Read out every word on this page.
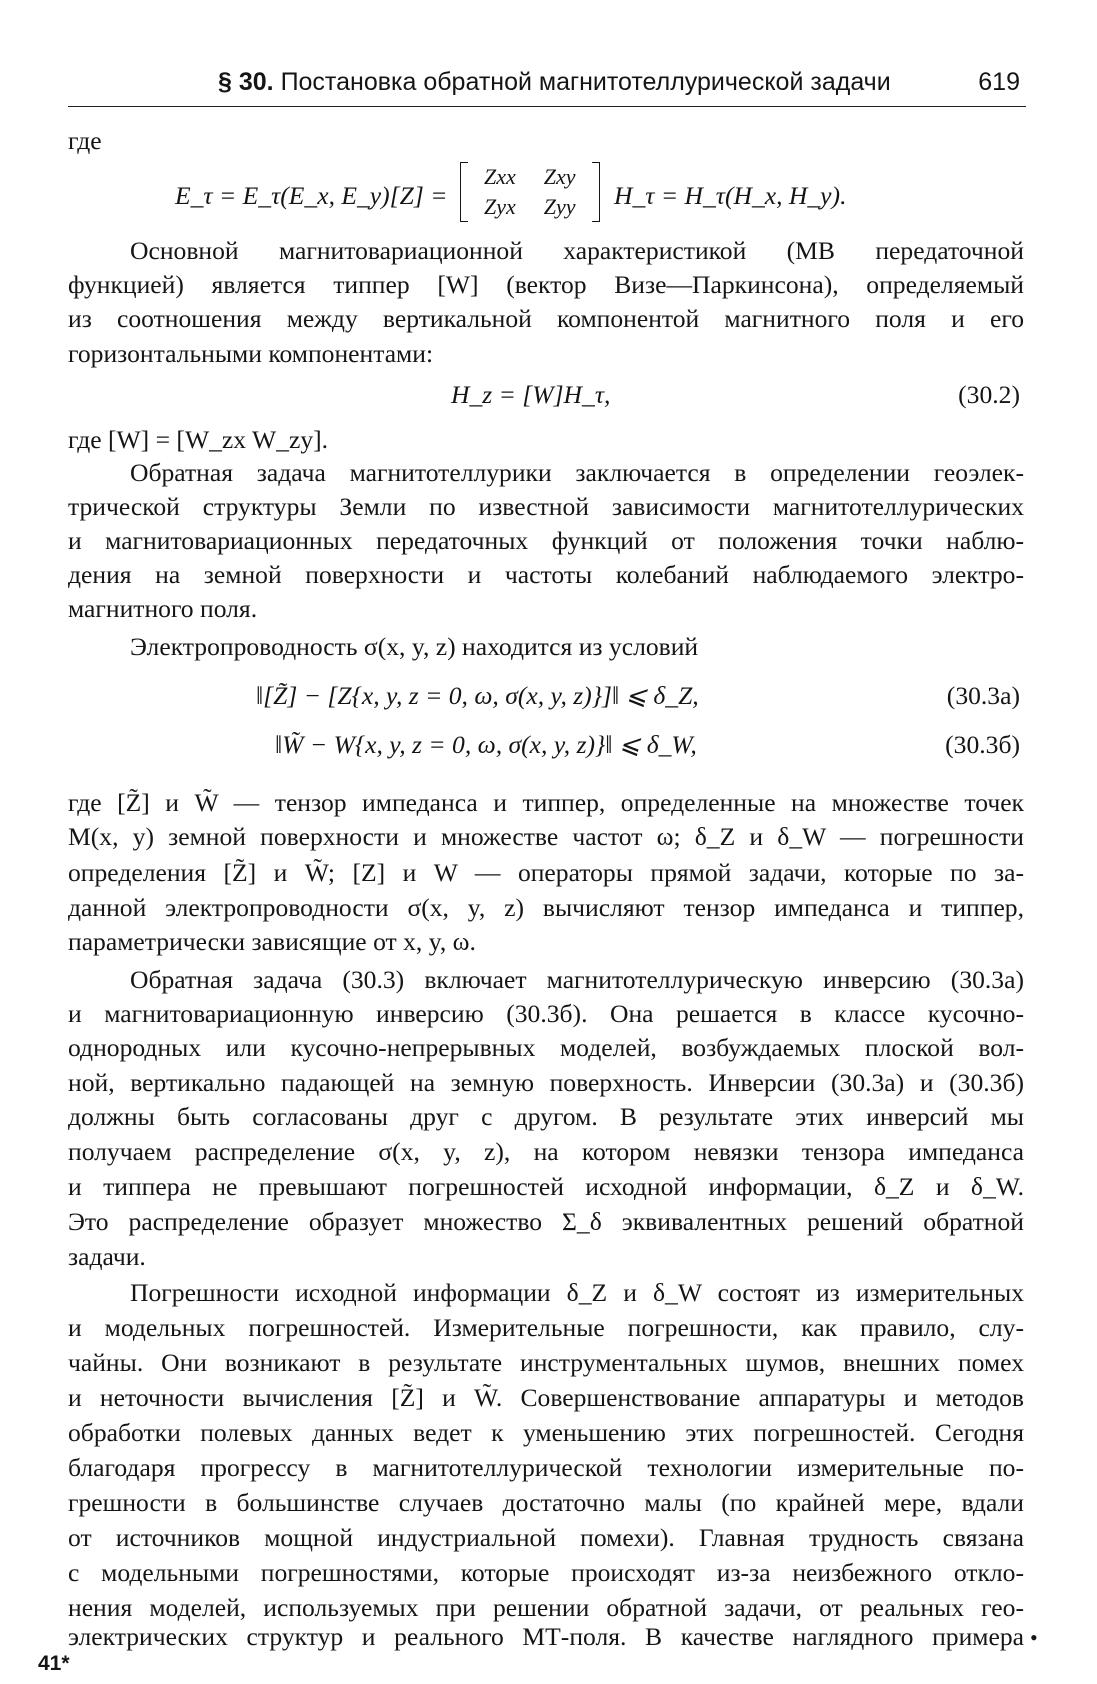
§ 30. Постановка обратной магнитотеллурической задачи	619
где
E_τ = E_τ(E_x, E_y)[Z] =
Zxx	Zxy
Zyx	Zyy H_τ = H_τ(H_x, H_y).
Основной магнитовариационной характеристикой (МВ передаточной
функцией) является типпер [W] (вектор Визе—Паркинсона), определяемый
из соотношения между вертикальной компонентой магнитного поля и его
горизонтальными компонентами:
H_z = [W]H_τ,	(30.2)
где [W] = [W_zx W_zy].
Обратная задача магнитотеллурики заключается в определении геоэлек-
трической структуры Земли по известной зависимости магнитотеллурических
и магнитовариационных передаточных функций от положения точки наблю-
дения на земной поверхности и частоты колебаний наблюдаемого электро-
магнитного поля.
Электропроводность σ(x, y, z) находится из условий
‖[Z̃] − [Z{x, y, z = 0, ω, σ(x, y, z)}]‖ ⩽ δ_Z,	(30.3а)
‖W̃ − W{x, y, z = 0, ω, σ(x, y, z)}‖ ⩽ δ_W,	(30.3б)
где [Z̃] и W̃ — тензор импеданса и типпер, определенные на множестве точек
M(x, y) земной поверхности и множестве частот ω; δ_Z и δ_W — погрешности
определения [Z̃] и W̃; [Z] и W — операторы прямой задачи, которые по за-
данной электропроводности σ(x, y, z) вычисляют тензор импеданса и типпер,
параметрически зависящие от x, y, ω.
Обратная задача (30.3) включает магнитотеллурическую инверсию (30.3а)
и магнитовариационную инверсию (30.3б). Она решается в классе кусочно-
однородных или кусочно-непрерывных моделей, возбуждаемых плоской вол-
ной, вертикально падающей на земную поверхность. Инверсии (30.3а) и (30.3б)
должны быть согласованы друг с другом. В результате этих инверсий мы
получаем распределение σ(x, y, z), на котором невязки тензора импеданса
и типпера не превышают погрешностей исходной информации, δ_Z и δ_W.
Это распределение образует множество Σ_δ эквивалентных решений обратной
задачи.
Погрешности исходной информации δ_Z и δ_W состоят из измерительных
и модельных погрешностей. Измерительные погрешности, как правило, слу-
чайны. Они возникают в результате инструментальных шумов, внешних помех
и неточности вычисления [Z̃] и W̃. Совершенствование аппаратуры и методов
обработки полевых данных ведет к уменьшению этих погрешностей. Сегодня
благодаря прогрессу в магнитотеллурической технологии измерительные по-
грешности в большинстве случаев достаточно малы (по крайней мере, вдали
от источников мощной индустриальной помехи). Главная трудность связана
с модельными погрешностями, которые происходят из-за неизбежного откло-
нения моделей, используемых при решении обратной задачи, от реальных гео-
электрических структур и реального МТ-поля. В качестве наглядного примера
41*
•
